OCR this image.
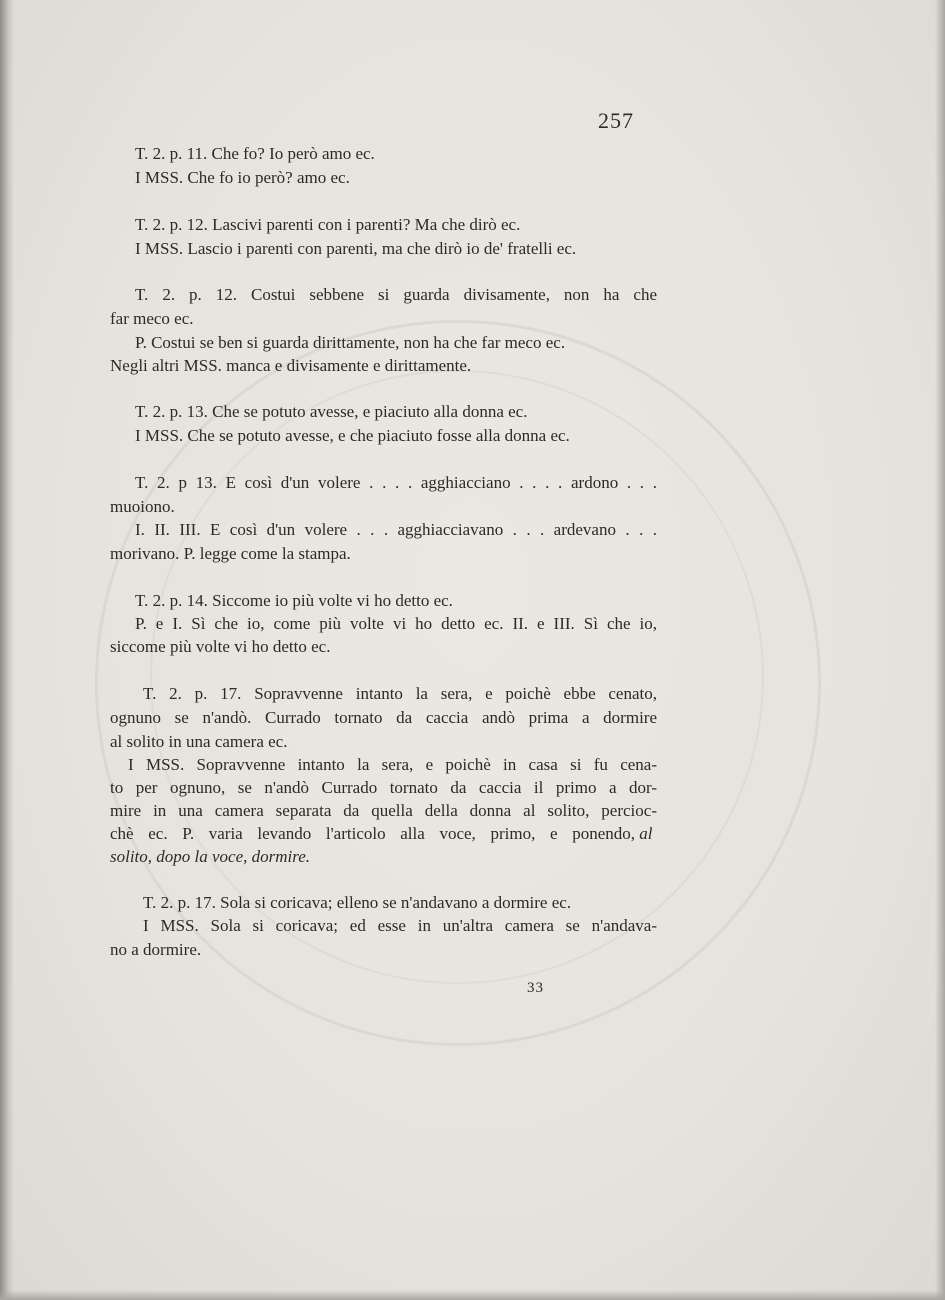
257
T. 2. p. 11. Che fo? Io però amo ec.
I MSS. Che fo io però? amo ec.
T. 2. p. 12. Lascivi parenti con i parenti? Ma che dirò ec.
I MSS. Lascio i parenti con parenti, ma che dirò io de' fratelli ec.
T. 2. p. 12. Costui sebbene si guarda divisamente, non ha che
far meco ec.
P. Costui se ben si guarda dirittamente, non ha che far meco ec.
Negli altri MSS. manca e divisamente e dirittamente.
T. 2. p. 13. Che se potuto avesse, e piaciuto alla donna ec.
I MSS. Che se potuto avesse, e che piaciuto fosse alla donna ec.
T. 2. p 13. E così d'un volere . . . . agghiacciano . . . . ardono . . .
muoiono.
I. II. III. E così d'un volere . . . agghiacciavano . . . ardevano . . .
morivano. P. legge come la stampa.
T. 2. p. 14. Siccome io più volte vi ho detto ec.
P. e I. Sì che io, come più volte vi ho detto ec. II. e III. Sì che io,
siccome più volte vi ho detto ec.
T. 2. p. 17. Sopravvenne intanto la sera, e poichè ebbe cenato,
ognuno se n'andò. Currado tornato da caccia andò prima a dormire
al solito in una camera ec.
I MSS. Sopravvenne intanto la sera, e poichè in casa si fu cena-
to per ognuno, se n'andò Currado tornato da caccia il primo a dor-
mire in una camera separata da quella della donna al solito, percioc-
chè ec. P. varia levando l'articolo alla voce, primo, e ponendo, al
solito, dopo la voce, dormire.
T. 2. p. 17. Sola si coricava; elleno se n'andavano a dormire ec.
I MSS. Sola si coricava; ed esse in un'altra camera se n'andava-
no a dormire.
33
